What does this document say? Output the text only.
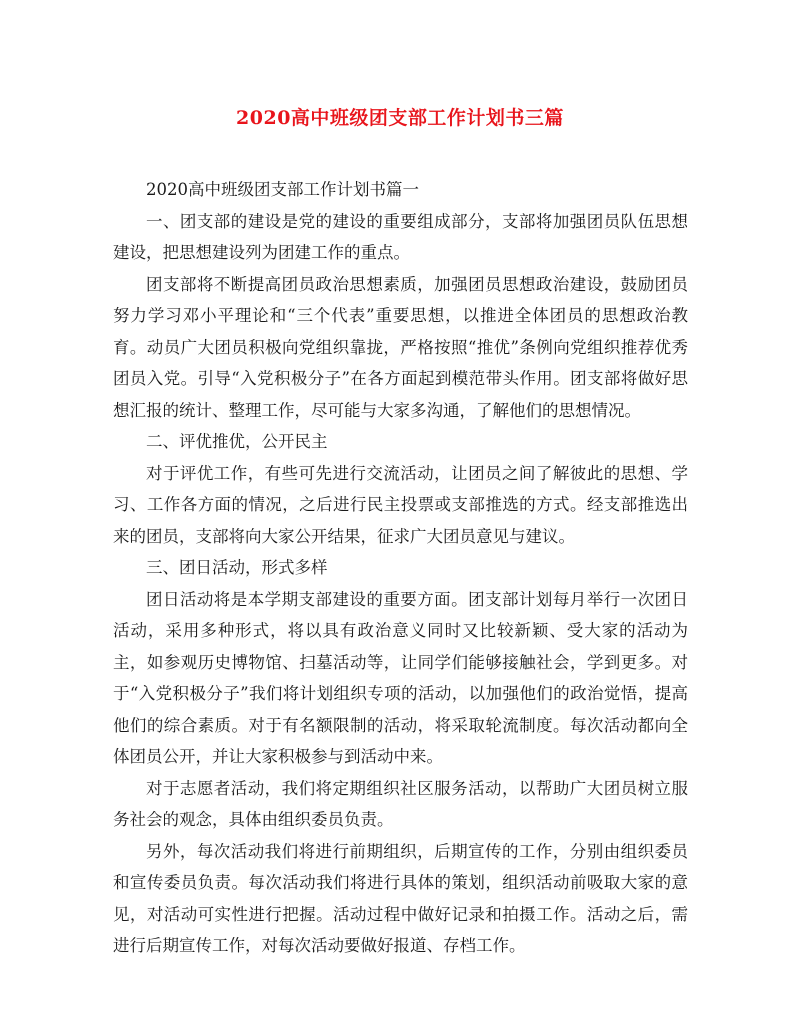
2020高中班级团支部工作计划书三篇

2020高中班级团支部工作计划书篇一

一、团支部的建设是党的建设的重要组成部分，支部将加强团员队伍思想建设，把思想建设列为团建工作的重点。

团支部将不断提高团员政治思想素质，加强团员思想政治建设，鼓励团员努力学习邓小平理论和“三个代表”重要思想，以推进全体团员的思想政治教育。动员广大团员积极向党组织靠拢，严格按照“推优”条例向党组织推荐优秀团员入党。引导“入党积极分子”在各方面起到模范带头作用。团支部将做好思想汇报的统计、整理工作，尽可能与大家多沟通，了解他们的思想情况。

二、评优推优，公开民主

对于评优工作，有些可先进行交流活动，让团员之间了解彼此的思想、学习、工作各方面的情况，之后进行民主投票或支部推选的方式。经支部推选出来的团员，支部将向大家公开结果，征求广大团员意见与建议。

三、团日活动，形式多样

团日活动将是本学期支部建设的重要方面。团支部计划每月举行一次团日活动，采用多种形式，将以具有政治意义同时又比较新颖、受大家的活动为主，如参观历史博物馆、扫墓活动等，让同学们能够接触社会，学到更多。对于“入党积极分子”我们将计划组织专项的活动，以加强他们的政治觉悟，提高他们的综合素质。对于有名额限制的活动，将采取轮流制度。每次活动都向全体团员公开，并让大家积极参与到活动中来。

对于志愿者活动，我们将定期组织社区服务活动，以帮助广大团员树立服务社会的观念，具体由组织委员负责。

另外，每次活动我们将进行前期组织，后期宣传的工作，分别由组织委员和宣传委员负责。每次活动我们将进行具体的策划，组织活动前吸取大家的意见，对活动可实性进行把握。活动过程中做好记录和拍摄工作。活动之后，需进行后期宣传工作，对每次活动要做好报道、存档工作。
